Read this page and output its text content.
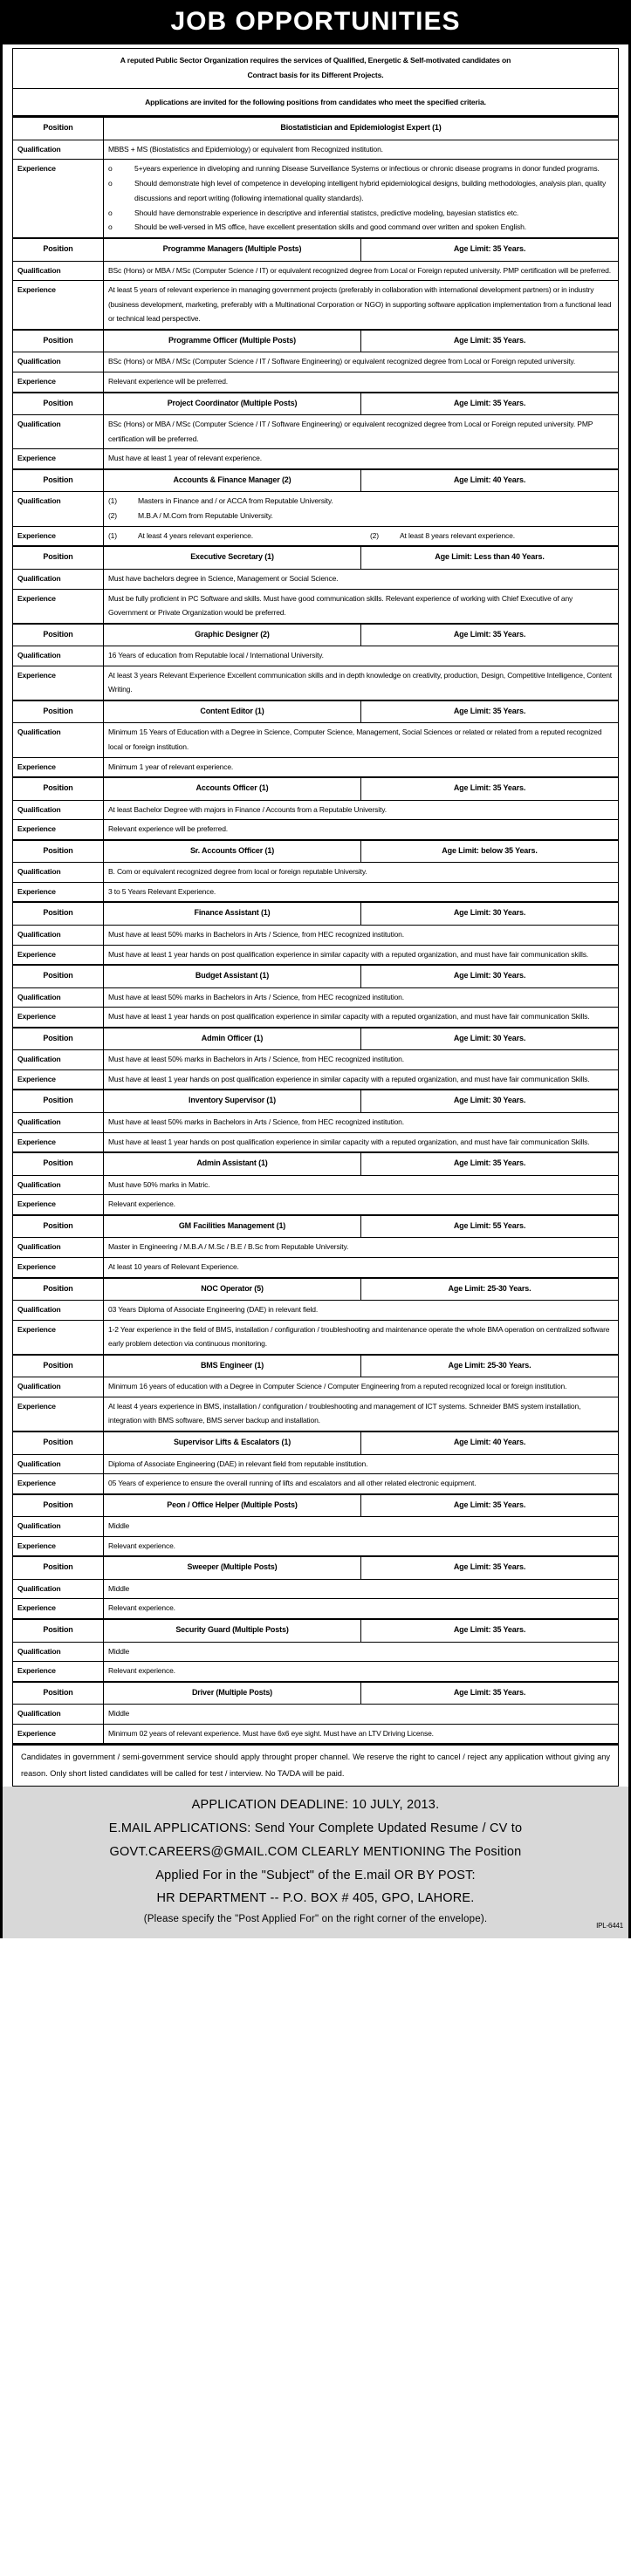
JOB OPPORTUNITIES
A reputed Public Sector Organization requires the services of Qualified, Energetic & Self-motivated candidates on
Contract basis for its Different Projects.
Applications are invited for the following positions from candidates who meet the specified criteria.
Position	Biostatistician and Epidemiologist Expert (1)	
Qualification	MBBS + MS (Biostatistics and Epidemiology) or equivalent from Recognized institution.	
Experience	o	5+years experience in diveloping and running Disease Surveillance Systems or infectious or chronic disease programs in donor funded programs.
o	Should demonstrate high level of competence in developing intelligent hybrid epidemiological designs, building methodologies, analysis plan, quality discussions and report writing (following international quality standards).
o	Should have demonstrable experience in descriptive and inferential statistcs, predictive modeling, bayesian statistics etc.
o	Should be well-versed in MS office, have excellent presentation skills and good command over written and spoken English.	

Position	Programme Managers (Multiple Posts)	Age Limit: 35 Years.
Qualification	BSc (Hons) or MBA / MSc (Computer Science / IT) or equivalent recognized degree from Local or Foreign reputed university. PMP certification will be preferred.	
Experience	At least 5 years of relevant experience in managing government projects (preferably in collaboration with international development partners) or in industry (business development, marketing, preferably with a Multinational Corporation or NGO) in supporting software application implementation from a functional lead or technical lead perspective.	
Position	Programme Officer (Multiple Posts)	Age Limit: 35 Years.
Qualification	BSc (Hons) or MBA / MSc (Computer Science / IT / Software Engineering) or equivalent recognized degree from Local or Foreign reputed university.	
Experience	Relevant experience will be preferred.	
Position	Project Coordinator (Multiple Posts)	Age Limit: 35 Years.
Qualification	BSc (Hons) or MBA / MSc (Computer Science / IT / Software Engineering) or equivalent recognized degree from Local or Foreign reputed university. PMP certification will be preferred.	
Experience	Must have at least 1 year of relevant experience.	
Position	Accounts & Finance Manager (2)	Age Limit: 40 Years.
Qualification	(1)	Masters in Finance and / or ACCA from Reputable University.
(2)	M.B.A / M.Com from Reputable University.	

Experience	(1) At least 4 years relevant experience. (2) At least 8 years relevant experience.	

Position	Executive Secretary (1)	Age Limit: Less than 40 Years.
Qualification	Must have bachelors degree in Science, Management or Social Science.	
Experience	Must be fully proficient in PC Software and skills. Must have good communication skills. Relevant experience of working with Chief Executive of any Government or Private Organization would be preferred.	
Position	Graphic Designer (2)	Age Limit: 35 Years.
Qualification	16 Years of education from Reputable local / International University.	
Experience	At least 3 years Relevant Experience Excellent communication skills and in depth knowledge on creativity, production, Design, Competitive Intelligence, Content Writing.	
Position	Content Editor (1)	Age Limit: 35 Years.
Qualification	Minimum 15 Years of Education with a Degree in Science, Computer Science, Management, Social Sciences or related or related from a reputed recognized local or foreign institution.	
Experience	Minimum 1 year of relevant experience.	
Position	Accounts Officer (1)	Age Limit: 35 Years.
Qualification	At least Bachelor Degree with majors in Finance / Accounts from a Reputable University.	
Experience	Relevant experience will be preferred.	
Position	Sr. Accounts Officer (1)	Age Limit: below 35 Years.
Qualification	B. Com or equivalent recognized degree from local or foreign reputable University.	
Experience	3 to 5 Years Relevant Experience.	
Position	Finance Assistant (1)	Age Limit: 30 Years.
Qualification	Must have at least 50% marks in Bachelors in Arts / Science, from HEC recognized institution.	
Experience	Must have at least 1 year hands on post qualification experience in similar capacity with a reputed organization, and must have fair communication skills.	
Position	Budget Assistant (1)	Age Limit: 30 Years.
Qualification	Must have at least 50% marks in Bachelors in Arts / Science, from HEC recognized institution.	
Experience	Must have at least 1 year hands on post qualification experience in similar capacity with a reputed organization, and must have fair communication Skills.	
Position	Admin Officer (1)	Age Limit: 30 Years.
Qualification	Must have at least 50% marks in Bachelors in Arts / Science, from HEC recognized institution.	
Experience	Must have at least 1 year hands on post qualification experience in similar capacity with a reputed organization, and must have fair communication Skills.	
Position	Inventory Supervisor (1)	Age Limit: 30 Years.
Qualification	Must have at least 50% marks in Bachelors in Arts / Science, from HEC recognized institution.	
Experience	Must have at least 1 year hands on post qualification experience in similar capacity with a reputed organization, and must have fair communication Skills.	
Position	Admin Assistant (1)	Age Limit: 35 Years.
Qualification	Must have 50% marks in Matric.	
Experience	Relevant experience.	
Position	GM Facilities Management (1)	Age Limit: 55 Years.
Qualification	Master in Engineering / M.B.A / M.Sc / B.E / B.Sc from Reputable University.	
Experience	At least 10 years of Relevant Experience.	
Position	NOC Operator (5)	Age Limit: 25-30 Years.
Qualification	03 Years Diploma of Associate Engineering (DAE) in relevant field.	
Experience	1-2 Year experience in the field of BMS, installation / configuration / troubleshooting and maintenance operate the whole BMA operation on centralized software early problem detection via continuous monitoring.	
Position	BMS Engineer (1)	Age Limit: 25-30 Years.
Qualification	Minimum 16 years of education with a Degree in Computer Science / Computer Engineering from a reputed recognized local or foreign institution.	
Experience	At least 4 years experience in BMS, installation / configuration / troubleshooting and management of ICT systems. Schneider BMS system installation, integration with BMS software, BMS server backup and installation.	
Position	Supervisor Lifts & Escalators (1)	Age Limit: 40 Years.
Qualification	Diploma of Associate Engineering (DAE) in relevant field from reputable institution.	
Experience	05 Years of experience to ensure the overall running of lifts and escalators and all other related electronic equipment.	
Position	Peon / Office Helper (Multiple Posts)	Age Limit: 35 Years.
Qualification	Middle	
Experience	Relevant experience.	
Position	Sweeper (Multiple Posts)	Age Limit: 35 Years.
Qualification	Middle	
Experience	Relevant experience.	
Position	Security Guard (Multiple Posts)	Age Limit: 35 Years.
Qualification	Middle	
Experience	Relevant experience.	
Position	Driver (Multiple Posts)	Age Limit: 35 Years.
Qualification	Middle	
Experience	Minimum 02 years of relevant experience. Must have 6x6 eye sight. Must have an LTV Driving License.	
Candidates in government / semi-government service should apply throught proper channel. We reserve the right to cancel / reject any application without giving any reason. Only short listed candidates will be called for test / interview. No TA/DA will be paid.
APPLICATION DEADLINE: 10 JULY, 2013.
E.MAIL APPLICATIONS: Send Your Complete Updated Resume / CV to
GOVT.CAREERS@GMAIL.COM CLEARLY MENTIONING The Position
Applied For in the "Subject" of the E.mail OR BY POST:
HR DEPARTMENT -- P.O. BOX # 405, GPO, LAHORE.
(Please specify the "Post Applied For" on the right corner of the envelope).
IPL-6441
